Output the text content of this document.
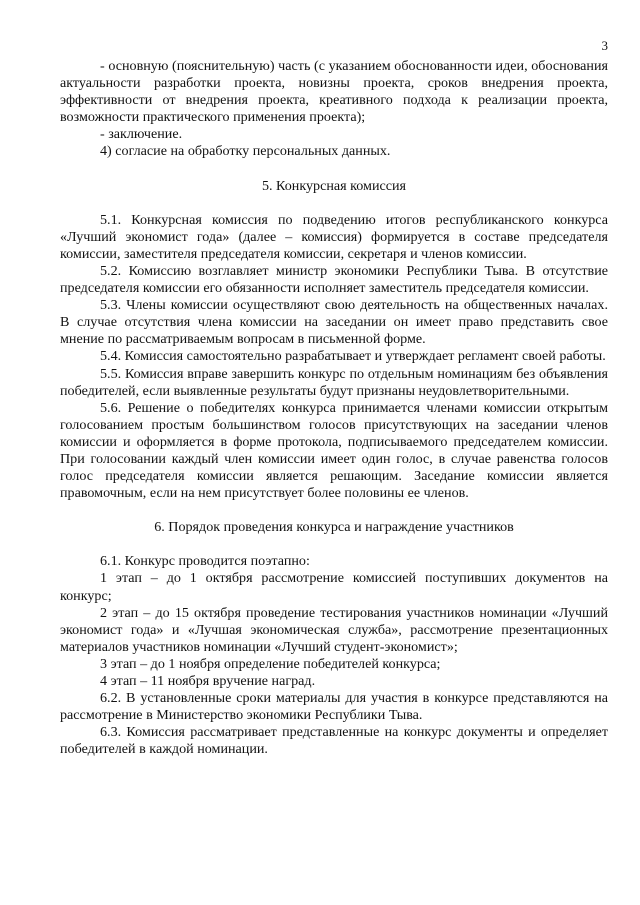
3

- основную (пояснительную) часть (с указанием обоснованности идеи, обоснования актуальности разработки проекта, новизны проекта, сроков внедрения проекта, эффективности от внедрения проекта, креативного подхода к реализации проекта, возможности практического применения проекта);

- заключение.

4) согласие на обработку персональных данных.

5. Конкурсная комиссия

5.1. Конкурсная комиссия по подведению итогов республиканского конкурса «Лучший экономист года» (далее – комиссия) формируется в составе председателя комиссии, заместителя председателя комиссии, секретаря и членов комиссии.

5.2. Комиссию возглавляет министр экономики Республики Тыва. В отсутствие председателя комиссии его обязанности исполняет заместитель председателя комиссии.

5.3. Члены комиссии осуществляют свою деятельность на общественных началах. В случае отсутствия члена комиссии на заседании он имеет право представить свое мнение по рассматриваемым вопросам в письменной форме.

5.4. Комиссия самостоятельно разрабатывает и утверждает регламент своей работы.

5.5. Комиссия вправе завершить конкурс по отдельным номинациям без объявления победителей, если выявленные результаты будут признаны неудовлетворительными.

5.6. Решение о победителях конкурса принимается членами комиссии открытым голосованием простым большинством голосов присутствующих на заседании членов комиссии и оформляется в форме протокола, подписываемого председателем комиссии. При голосовании каждый член комиссии имеет один голос, в случае равенства голосов голос председателя комиссии является решающим. Заседание комиссии является правомочным, если на нем присутствует более половины ее членов.

6. Порядок проведения конкурса и награждение участников

6.1. Конкурс проводится поэтапно:

1 этап – до 1 октября рассмотрение комиссией поступивших документов на конкурс;

2 этап – до 15 октября проведение тестирования участников номинации «Лучший экономист года» и «Лучшая экономическая служба», рассмотрение презентационных материалов участников номинации «Лучший студент-экономист»;

3 этап – до 1 ноября определение победителей конкурса;

4 этап – 11 ноября вручение наград.

6.2. В установленные сроки материалы для участия в конкурсе представляются на рассмотрение в Министерство экономики Республики Тыва.

6.3. Комиссия рассматривает представленные на конкурс документы и определяет победителей в каждой номинации.
